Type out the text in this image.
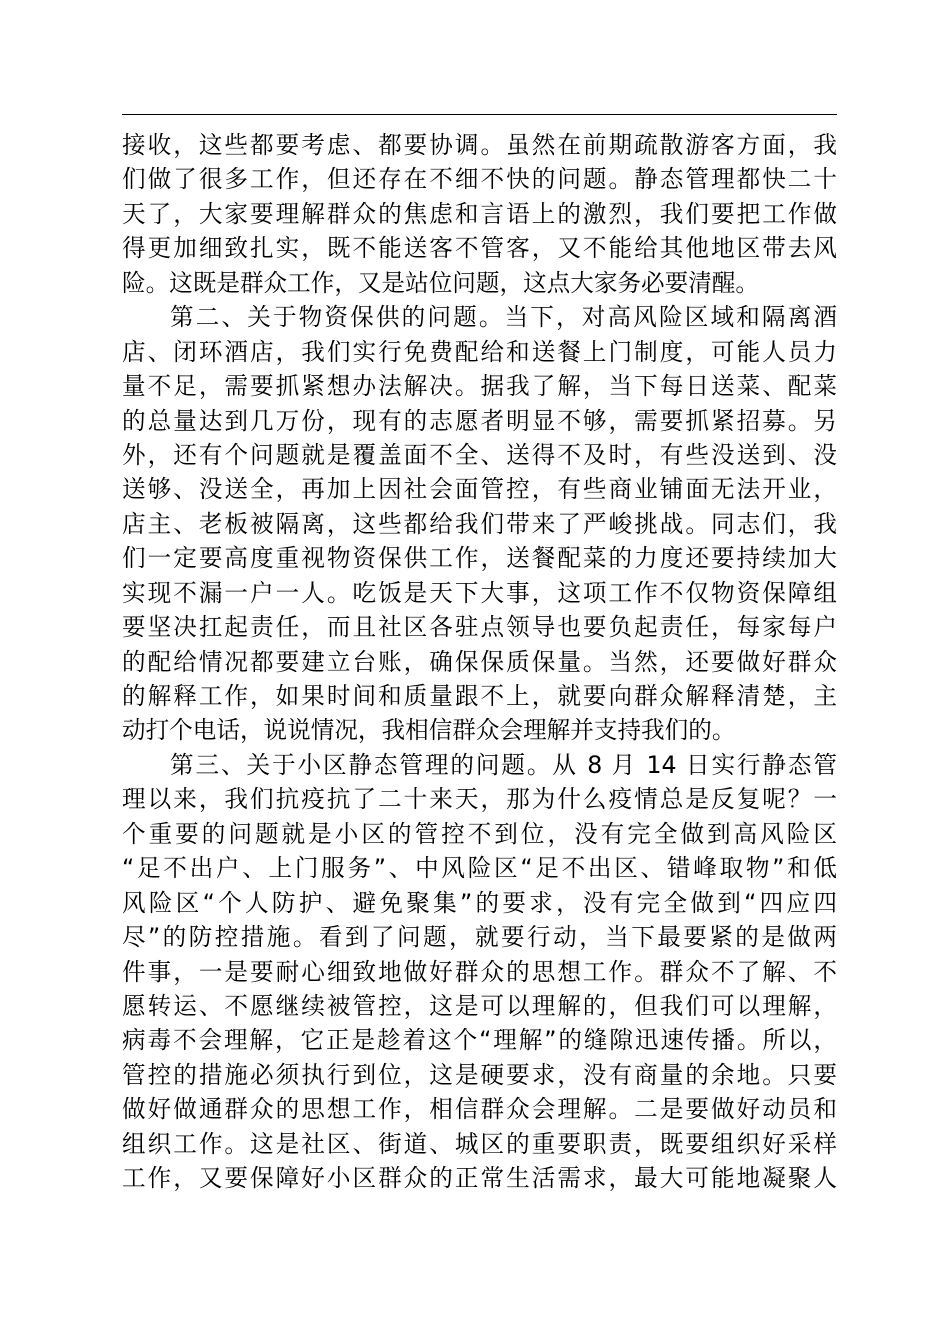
接收，这些都要考虑、都要协调。虽然在前期疏散游客方面，我
们做了很多工作，但还存在不细不快的问题。静态管理都快二十
天了，大家要理解群众的焦虑和言语上的激烈，我们要把工作做
得更加细致扎实，既不能送客不管客，又不能给其他地区带去风
险。这既是群众工作，又是站位问题，这点大家务必要清醒。
第二、关于物资保供的问题。当下，对高风险区域和隔离酒
店、闭环酒店，我们实行免费配给和送餐上门制度，可能人员力
量不足，需要抓紧想办法解决。据我了解，当下每日送菜、配菜
的总量达到几万份，现有的志愿者明显不够，需要抓紧招募。另
外，还有个问题就是覆盖面不全、送得不及时，有些没送到、没
送够、没送全，再加上因社会面管控，有些商业铺面无法开业，
店主、老板被隔离，这些都给我们带来了严峻挑战。同志们，我
们一定要高度重视物资保供工作，送餐配菜的力度还要持续加大
实现不漏一户一人。吃饭是天下大事，这项工作不仅物资保障组
要坚决扛起责任，而且社区各驻点领导也要负起责任，每家每户
的配给情况都要建立台账，确保保质保量。当然，还要做好群众
的解释工作，如果时间和质量跟不上，就要向群众解释清楚，主
动打个电话，说说情况，我相信群众会理解并支持我们的。
第三、关于小区静态管理的问题。从 8 月 14 日实行静态管
理以来，我们抗疫抗了二十来天，那为什么疫情总是反复呢？一
个重要的问题就是小区的管控不到位，没有完全做到高风险区
“足不出户、上门服务”、中风险区“足不出区、错峰取物”和低
风险区“个人防护、避免聚集”的要求，没有完全做到“四应四
尽”的防控措施。看到了问题，就要行动，当下最要紧的是做两
件事，一是要耐心细致地做好群众的思想工作。群众不了解、不
愿转运、不愿继续被管控，这是可以理解的，但我们可以理解，
病毒不会理解，它正是趁着这个“理解”的缝隙迅速传播。所以，
管控的措施必须执行到位，这是硬要求，没有商量的余地。只要
做好做通群众的思想工作，相信群众会理解。二是要做好动员和
组织工作。这是社区、街道、城区的重要职责，既要组织好采样
工作，又要保障好小区群众的正常生活需求，最大可能地凝聚人
